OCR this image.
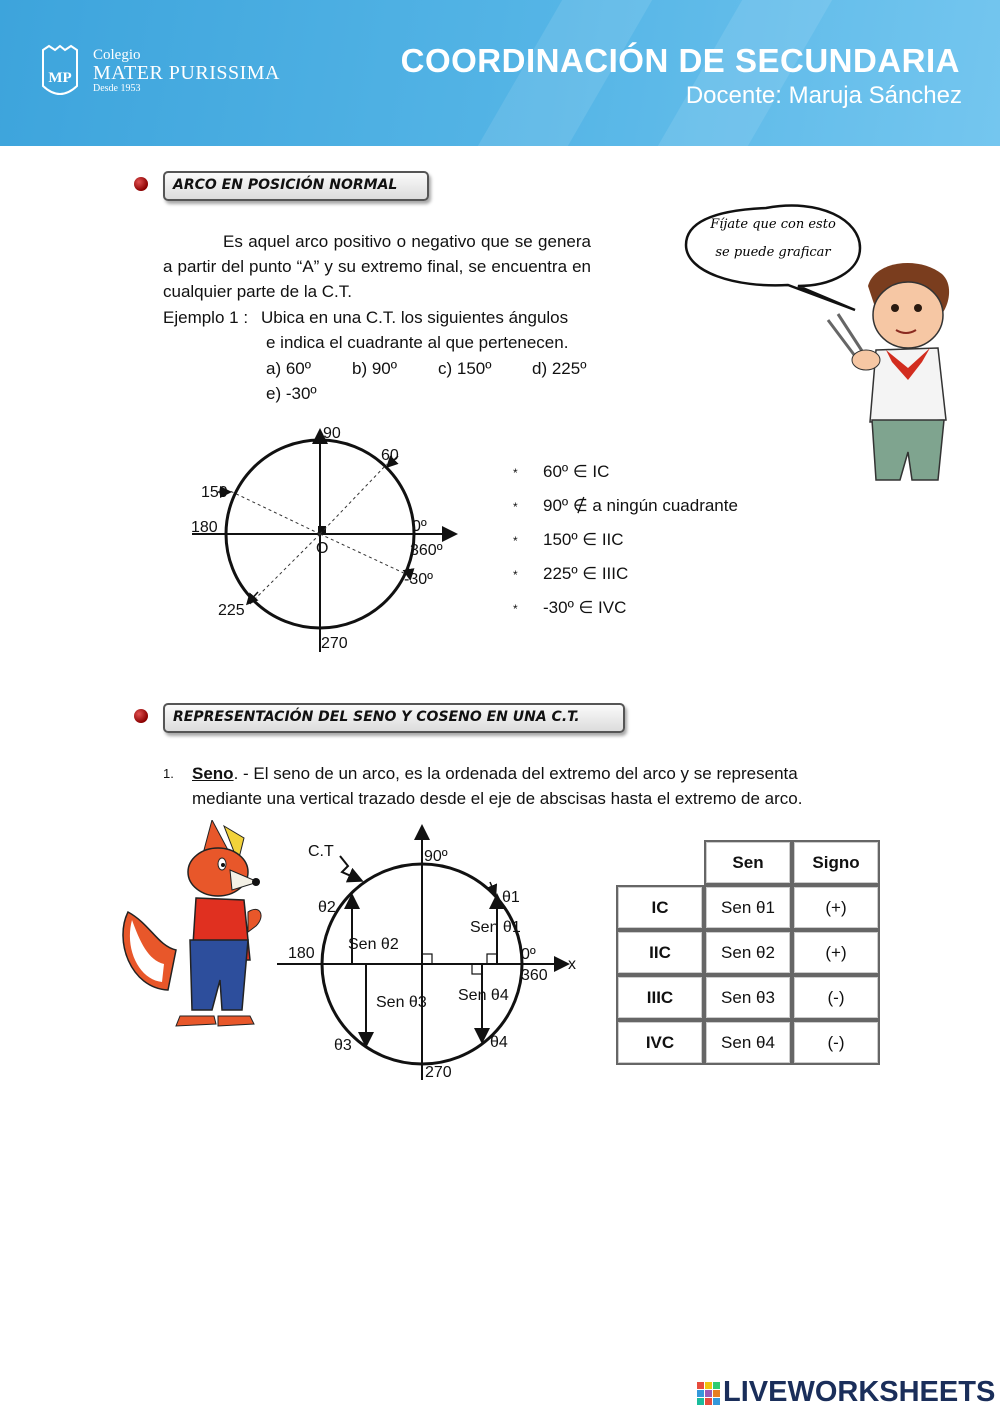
MP
Colegio
MATER PURISSIMA
Desde 1953
COORDINACIÓN DE SECUNDARIA
Docente: Maruja Sánchez
ARCO EN POSICIÓN NORMAL
Es aquel arco positivo o negativo que se genera a partir del punto “A” y su extremo final, se encuentra en cualquier parte de la C.T.
Ejemplo 1 : Ubica en una C.T. los siguientes ángulos
e indica el cuadrante al que pertenecen.
a) 60º b) 90º c) 150º d) 225º
e) -30º
Fíjate que con esto
se puede graficar
90
60
150
180	0º
360º
O
-30º
225
270
* 60º ∈ IC
* 90º ∉ a ningún cuadrante
* 150º ∈ IIC
* 225º ∈ IIIC
* -30º ∈ IVC
REPRESENTACIÓN DEL SENO Y COSENO EN UNA C.T.
1. Seno. - El seno de un arco, es la ordenada del extremo del arco y se representa
mediante una vertical trazado desde el eje de abscisas hasta el extremo de arco.
C.T	90º
θ1
θ2
Sen θ1
Sen θ2
180	0º
x
360
Sen θ3 Sen θ4
θ3	θ4
270
	Sen	Signo
IC	Sen θ1	(+)
IIC	Sen θ2	(+)
IIIC	Sen θ3	(-)
IVC	Sen θ4	(-)
LIVEWORKSHEETS
